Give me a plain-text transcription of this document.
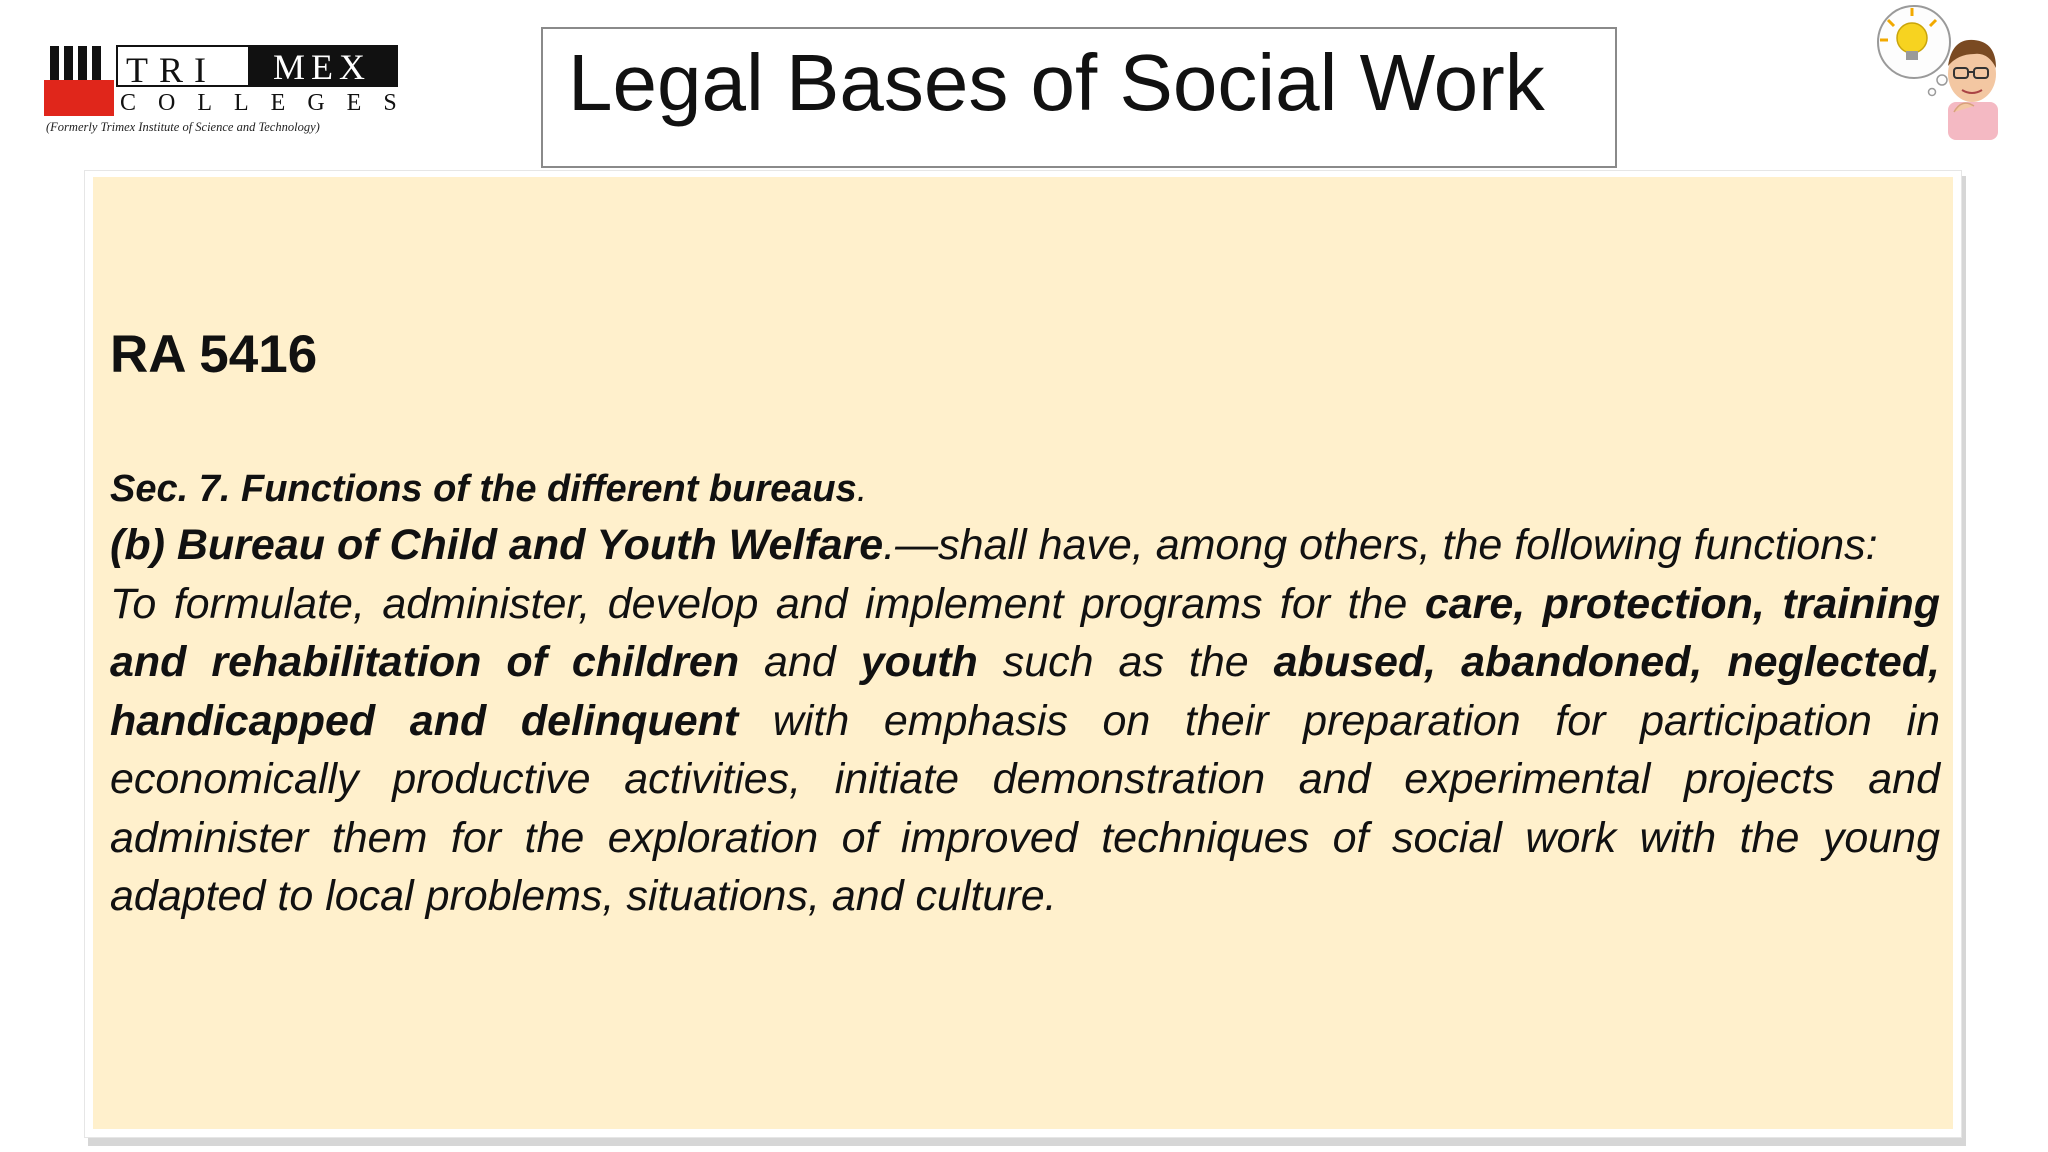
TRI	MEX
COLLEGES
(Formerly Trimex Institute of Science and Technology)	Legal Bases of Social Work
RA 5416
Sec. 7. Functions of the different bureaus.
(b) Bureau of Child and Youth Welfare.—shall have, among others, the following functions:
To formulate, administer, develop and implement programs for the care, protection, training and rehabilitation of children and youth such as the abused, abandoned, neglected, handicapped and delinquent with emphasis on their preparation for participation in economically productive activities, initiate demonstration and experimental projects and administer them for the exploration of improved techniques of social work with the young adapted to local problems, situations, and culture.
